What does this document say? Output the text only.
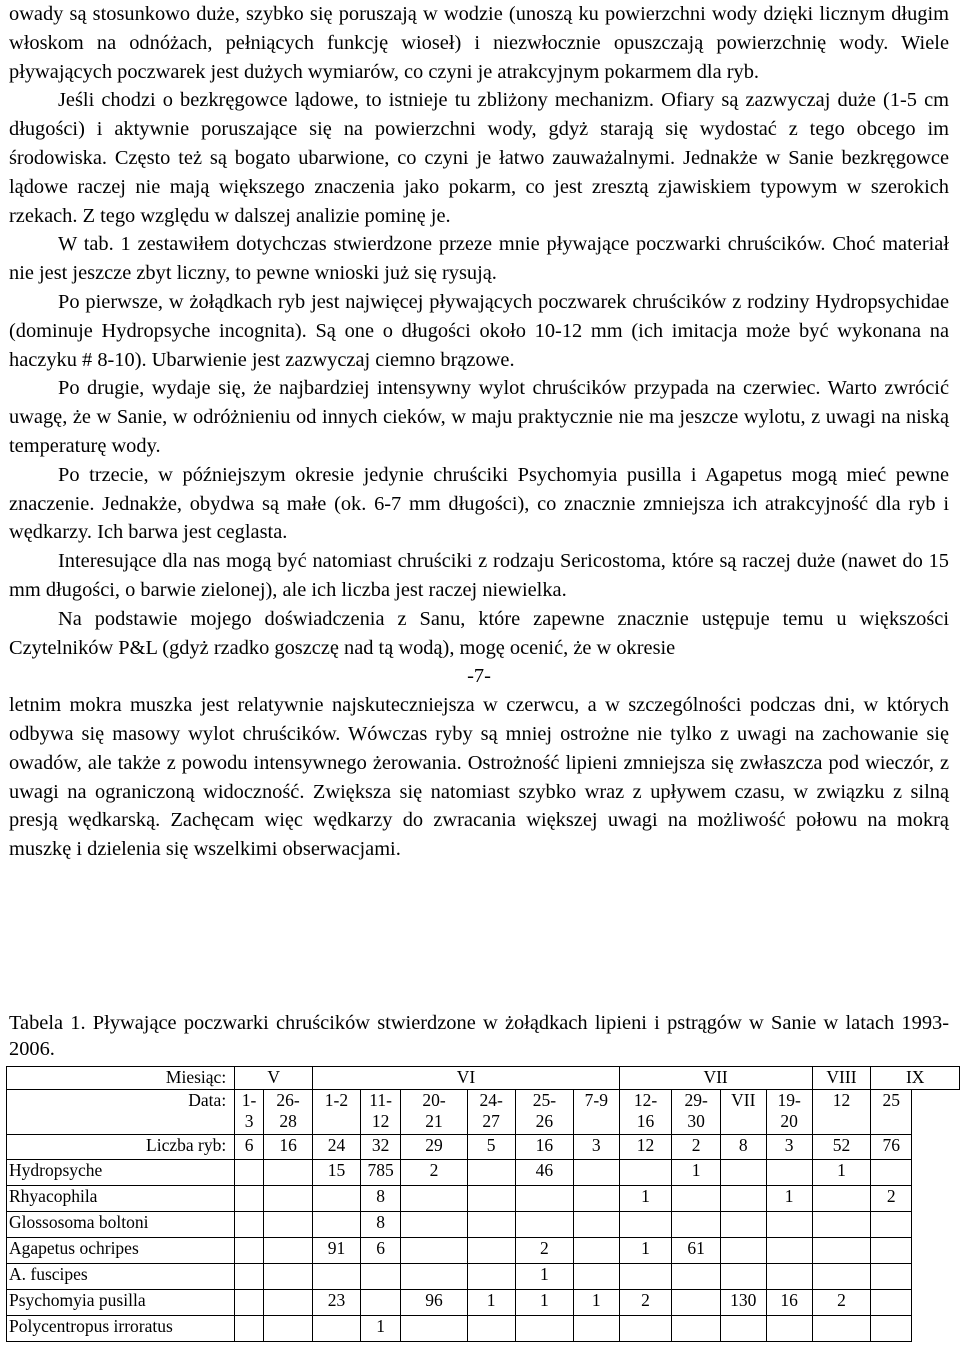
owady są stosunkowo duże, szybko się poruszają w wodzie (unoszą ku powierzchni wody dzięki licznym długim włoskom na odnóżach, pełniących funkcję wioseł) i niezwłocznie opuszczają powierzchnię wody. Wiele pływających poczwarek jest dużych wymiarów, co czyni je atrakcyjnym pokarmem dla ryb.

Jeśli chodzi o bezkręgowce lądowe, to istnieje tu zbliżony mechanizm. Ofiary są zazwyczaj duże (1-5 cm długości) i aktywnie poruszające się na powierzchni wody, gdyż starają się wydostać z tego obcego im środowiska. Często też są bogato ubarwione, co czyni je łatwo zauważalnymi. Jednakże w Sanie bezkręgowce lądowe raczej nie mają większego znaczenia jako pokarm, co jest zresztą zjawiskiem typowym w szerokich rzekach. Z tego względu w dalszej analizie pominę je.

W tab. 1 zestawiłem dotychczas stwierdzone przeze mnie pływające poczwarki chruścików. Choć materiał nie jest jeszcze zbyt liczny, to pewne wnioski już się rysują.

Po pierwsze, w żołądkach ryb jest najwięcej pływających poczwarek chruścików z rodziny Hydropsychidae (dominuje Hydropsyche incognita). Są one o długości około 10-12 mm (ich imitacja może być wykonana na haczyku # 8-10). Ubarwienie jest zazwyczaj ciemno brązowe.

Po drugie, wydaje się, że najbardziej intensywny wylot chruścików przypada na czerwiec. Warto zwrócić uwagę, że w Sanie, w odróżnieniu od innych cieków, w maju praktycznie nie ma jeszcze wylotu, z uwagi na niską temperaturę wody.

Po trzecie, w późniejszym okresie jedynie chruściki Psychomyia pusilla i Agapetus mogą mieć pewne znaczenie. Jednakże, obydwa są małe (ok. 6-7 mm długości), co znacznie zmniejsza ich atrakcyjność dla ryb i wędkarzy. Ich barwa jest ceglasta.

Interesujące dla nas mogą być natomiast chruściki z rodzaju Sericostoma, które są raczej duże (nawet do 15 mm długości, o barwie zielonej), ale ich liczba jest raczej niewielka.

Na podstawie mojego doświadczenia z Sanu, które zapewne znacznie ustępuje temu u większości Czytelników P&L (gdyż rzadko goszczę nad tą wodą), mogę ocenić, że w okresie

-7-

letnim mokra muszka jest relatywnie najskuteczniejsza w czerwcu, a w szczególności podczas dni, w których odbywa się masowy wylot chruścików. Wówczas ryby są mniej ostrożne nie tylko z uwagi na zachowanie się owadów, ale także z powodu intensywnego żerowania. Ostrożność lipieni zmniejsza się zwłaszcza pod wieczór, z uwagi na ograniczoną widoczność. Zwiększa się natomiast szybko wraz z upływem czasu, w związku z silną presją wędkarską. Zachęcam więc wędkarzy do zwracania większej uwagi na możliwość połowu na mokrą muszkę i dzielenia się wszelkimi obserwacjami.

Tabela 1. Pływające poczwarki chruścików stwierdzone w żołądkach lipieni i pstrągów w Sanie w latach 1993-2006.
Miesiąc:	V		VI						VII				VIII	IX
Data:	1-
3	26-
28	1-2	11-
12	20-
21	24-
27	25-
26	7-9	12-
16	29-
30	VII	19-
20	12	25
Liczba ryb:	6	16	24	32	29	5	16	3	12	2	8	3	52	76
Hydropsyche			15	785	2		46			1			1	
Rhyacophila				8					1			1		2
Glossosoma boltoni				8										
Agapetus ochripes			91	6			2		1	61				
A. fuscipes							1							
Psychomyia pusilla			23		96	1	1	1	2		130	16	2	
Polycentropus irroratus				1										
